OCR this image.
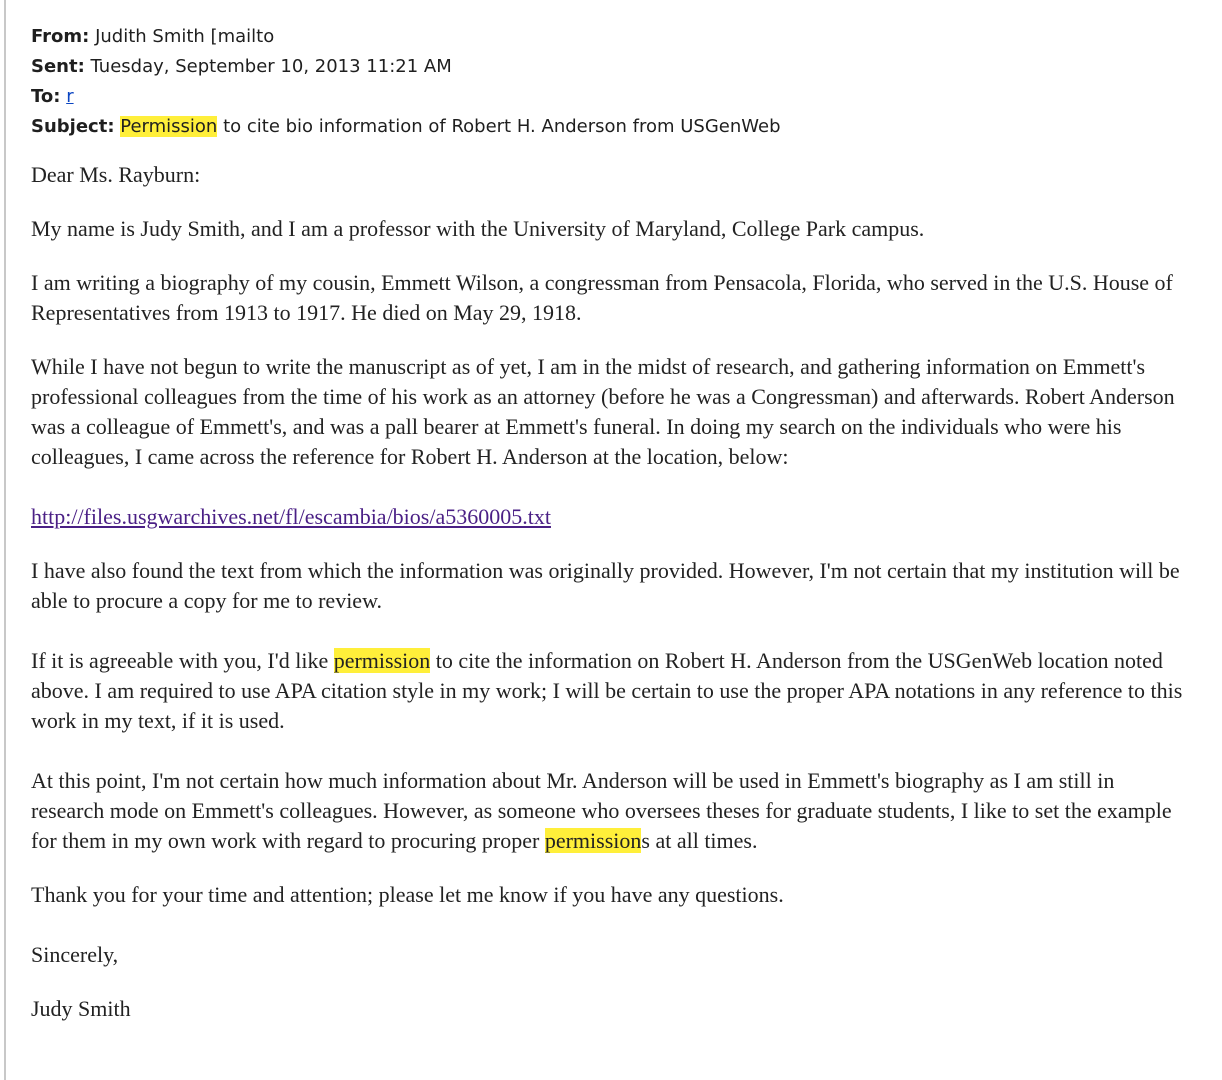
From: Judith Smith [mailto
Sent: Tuesday, September 10, 2013 11:21 AM
To: r
Subject: Permission to cite bio information of Robert H. Anderson from USGenWeb

Dear Ms. Rayburn:

My name is Judy Smith, and I am a professor with the University of Maryland, College Park campus.

I am writing a biography of my cousin, Emmett Wilson, a congressman from Pensacola, Florida, who served in the U.S. House of Representatives from 1913 to 1917. He died on May 29, 1918.

While I have not begun to write the manuscript as of yet, I am in the midst of research, and gathering information on Emmett's professional colleagues from the time of his work as an attorney (before he was a Congressman) and afterwards. Robert Anderson was a colleague of Emmett's, and was a pall bearer at Emmett's funeral. In doing my search on the individuals who were his colleagues, I came across the reference for Robert H. Anderson at the location, below:

http://files.usgwarchives.net/fl/escambia/bios/a5360005.txt

I have also found the text from which the information was originally provided. However, I'm not certain that my institution will be able to procure a copy for me to review.

If it is agreeable with you, I'd like permission to cite the information on Robert H. Anderson from the USGenWeb location noted above. I am required to use APA citation style in my work; I will be certain to use the proper APA notations in any reference to this work in my text, if it is used.

At this point, I'm not certain how much information about Mr. Anderson will be used in Emmett's biography as I am still in research mode on Emmett's colleagues. However, as someone who oversees theses for graduate students, I like to set the example for them in my own work with regard to procuring proper permissions at all times.

Thank you for your time and attention; please let me know if you have any questions.

Sincerely,

Judy Smith
